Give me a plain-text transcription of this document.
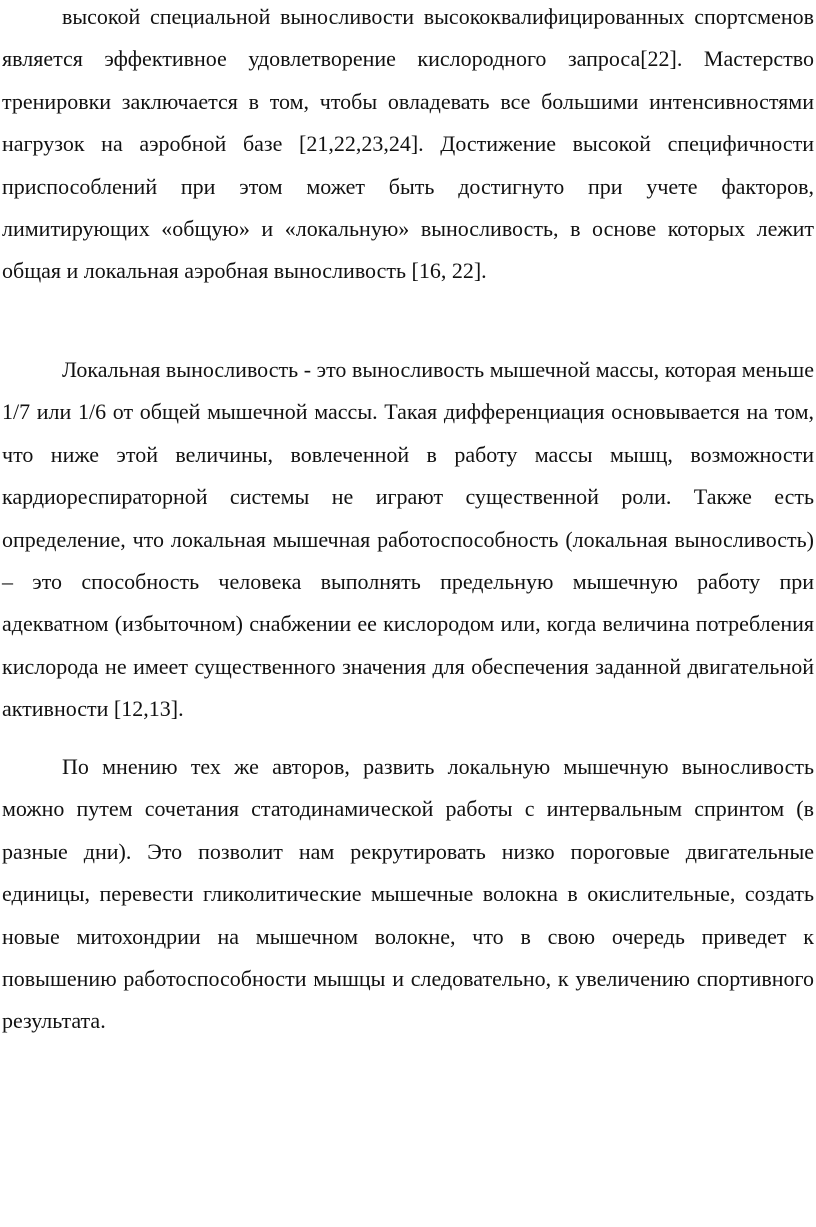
высокой специальной выносливости высококвалифицированных спортсменов является эффективное удовлетворение кислородного запроса[22]. Мастерство тренировки заключается в том, чтобы овладевать все большими интенсивностями нагрузок на аэробной базе [21,22,23,24]. Достижение высокой специфичности приспособлений при этом может быть достигнуто при учете факторов, лимитирующих «общую» и «локальную» выносливость, в основе которых лежит общая и локальная аэробная выносливость [16, 22].

Локальная выносливость - это выносливость мышечной массы, которая меньше 1/7 или 1/6 от общей мышечной массы. Такая дифференциация основывается на том, что ниже этой величины, вовлеченной в работу массы мышц, возможности кардиореспираторной системы не играют существенной роли. Также есть определение, что локальная мышечная работоспособность (локальная выносливость) – это способность человека выполнять предельную мышечную работу при адекватном (избыточном) снабжении ее кислородом или, когда величина потребления кислорода не имеет существенного значения для обеспечения заданной двигательной активности [12,13].

По мнению тех же авторов, развить локальную мышечную выносливость можно путем сочетания статодинамической работы с интервальным спринтом (в разные дни). Это позволит нам рекрутировать низко пороговые двигательные единицы, перевести гликолитические мышечные волокна в окислительные, создать новые митохондрии на мышечном волокне, что в свою очередь приведет к повышению работоспособности мышцы и следовательно, к увеличению спортивного результата.
